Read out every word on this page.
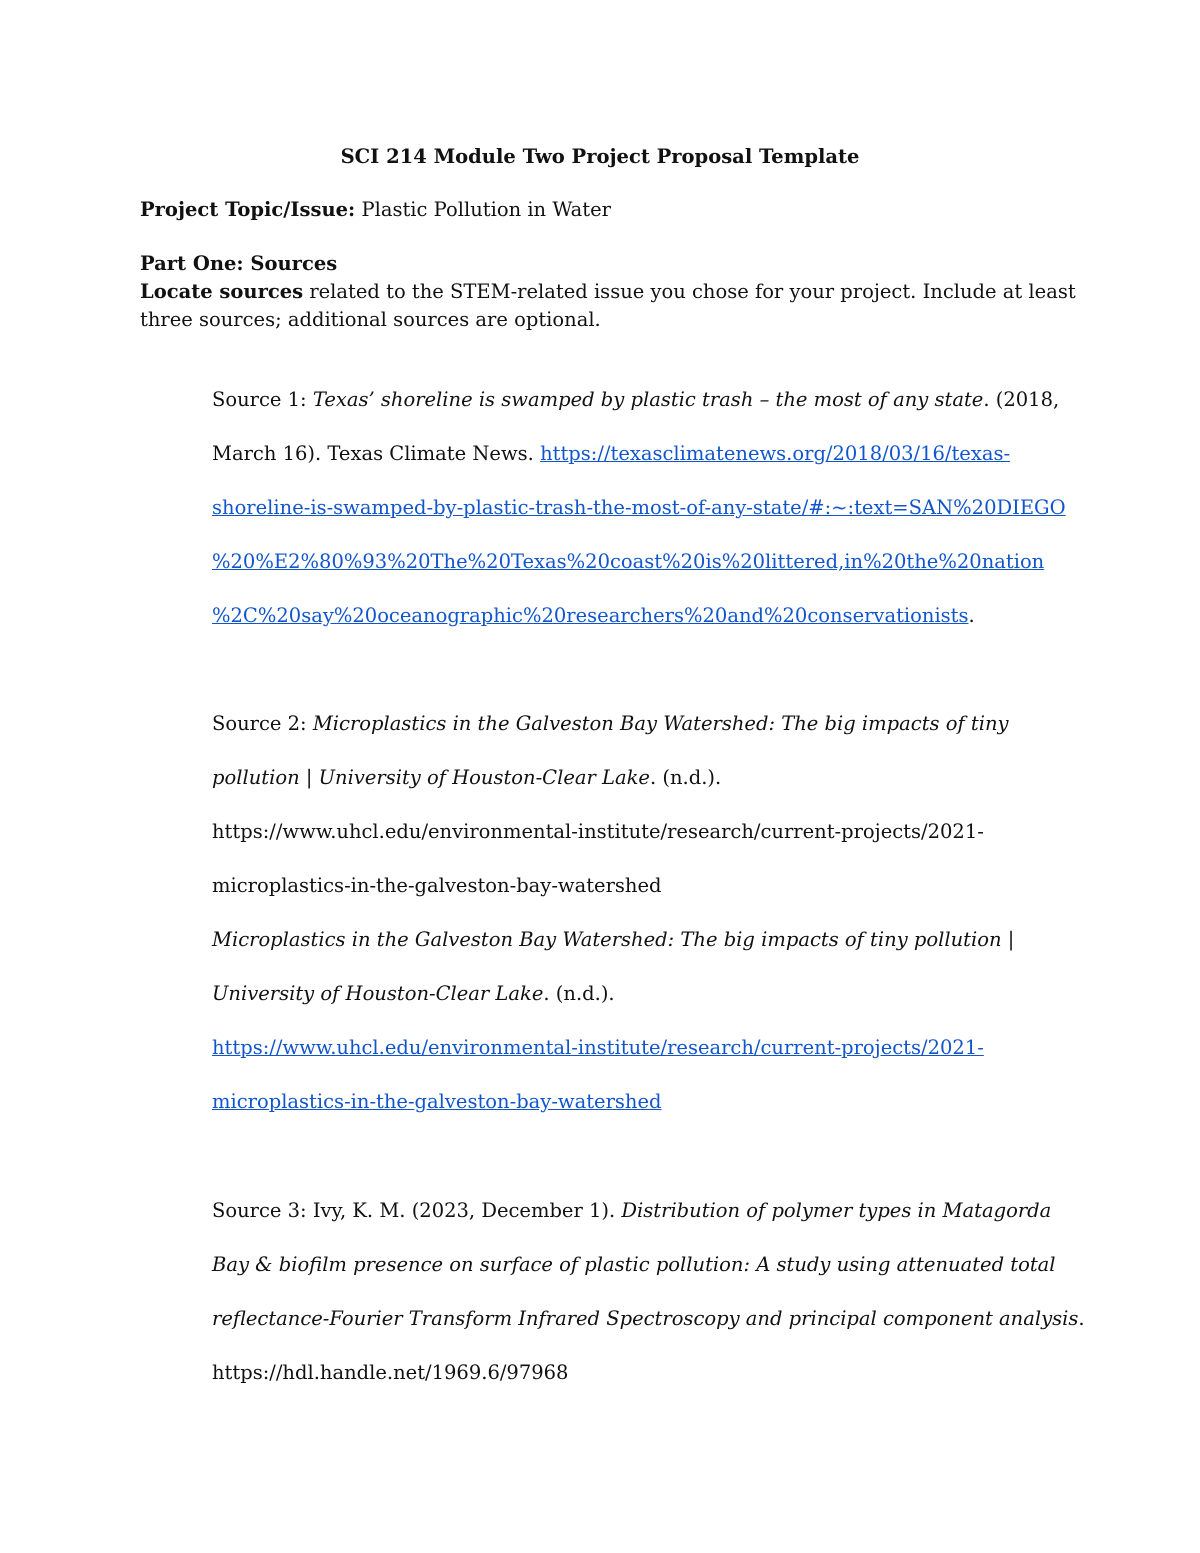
SCI 214 Module Two Project Proposal Template
Project Topic/Issue: Plastic Pollution in Water
Part One: Sources
Locate sources related to the STEM-related issue you chose for your project. Include at least
three sources; additional sources are optional.
Source 1: Texas’ shoreline is swamped by plastic trash – the most of any state. (2018,
March 16). Texas Climate News. https://texasclimatenews.org/2018/03/16/texas-
shoreline-is-swamped-by-plastic-trash-the-most-of-any-state/#:~:text=SAN%20DIEGO
%20%E2%80%93%20The%20Texas%20coast%20is%20littered,in%20the%20nation
%2C%20say%20oceanographic%20researchers%20and%20conservationists.
Source 2: Microplastics in the Galveston Bay Watershed: The big impacts of tiny
pollution | University of Houston-Clear Lake. (n.d.).
https://www.uhcl.edu/environmental-institute/research/current-projects/2021-
microplastics-in-the-galveston-bay-watershed
Microplastics in the Galveston Bay Watershed: The big impacts of tiny pollution |
University of Houston-Clear Lake. (n.d.).
https://www.uhcl.edu/environmental-institute/research/current-projects/2021-
microplastics-in-the-galveston-bay-watershed
Source 3: Ivy, K. M. (2023, December 1). Distribution of polymer types in Matagorda
Bay & biofilm presence on surface of plastic pollution: A study using attenuated total
reflectance-Fourier Transform Infrared Spectroscopy and principal component analysis.
https://hdl.handle.net/1969.6/97968
